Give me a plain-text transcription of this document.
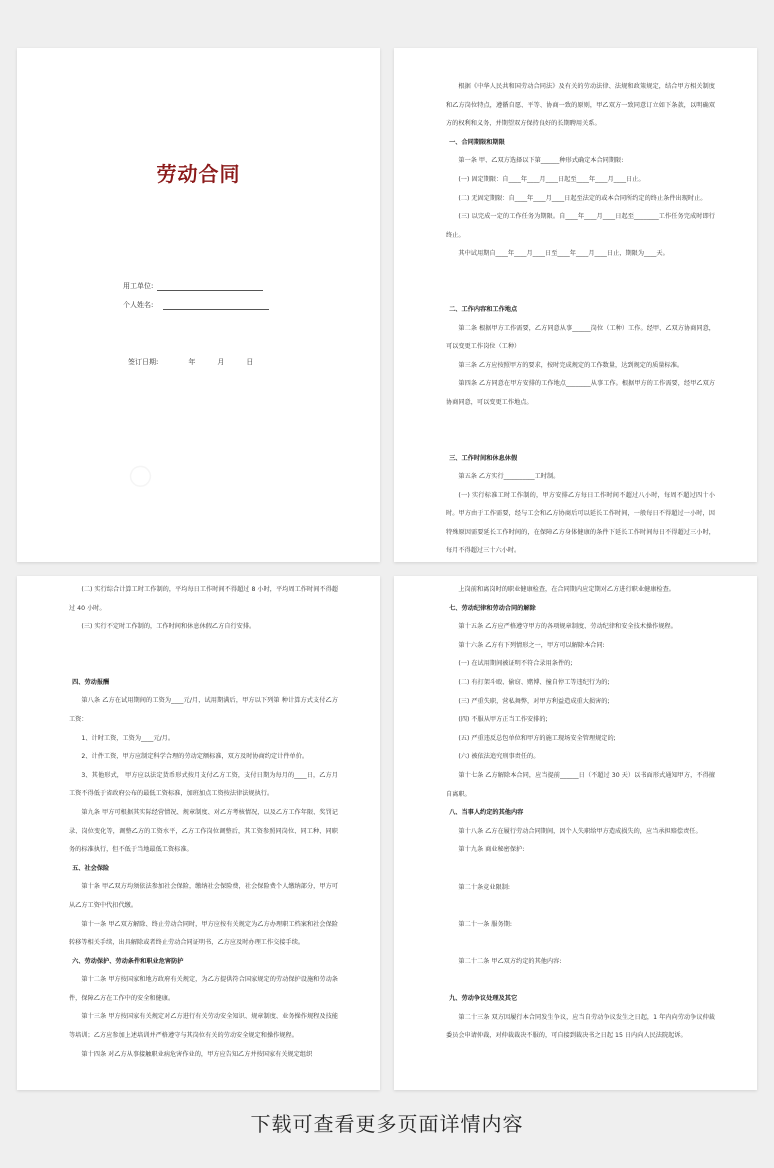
劳动合同
用工单位:
个人姓名:
签订日期:	年	月	日

根据《中华人民共和国劳动合同法》及有关的劳动法律、法规和政策规定，结合甲方相关制度和乙方岗位特点，遵循自愿、平等、协商一致的原则，甲乙双方一致同意订立如下条款，以明确双方的权利和义务，并期望双方保持良好的长期聘用关系。

一、合同期限和期限

第一条 甲、乙双方选择以下第______种形式确定本合同期限:

(一) 固定期限：自____年____月____日起至____年____月____日止。

(二) 无固定期限：自____年____月____日起至法定的或本合同所约定的终止条件出现时止。

(三) 以完成一定的工作任务为期限。自____年____月____日起至________工作任务完成时即行终止。

其中试用期自____年____月____日至____年____月____日止，期限为____天。

二、工作内容和工作地点

第二条 根据甲方工作需要，乙方同意从事______岗位（工种）工作。经甲、乙双方协商同意，可以变更工作岗位（工种）

第三条 乙方应按照甲方的要求，按时完成规定的工作数量，达到规定的质量标准。

第四条 乙方同意在甲方安排的工作地点________从事工作。根据甲方的工作需要，经甲乙双方协商同意，可以变更工作地点。

三、工作时间和休息休假

第五条 乙方实行__________工时制。

(一) 实行标准工时工作制的，甲方安排乙方每日工作时间不超过八小时，每周不超过四十小时。甲方由于工作需要，经与工会和乙方协商后可以延长工作时间，一般每日不得超过一小时，因特殊原因需要延长工作时间的，在保障乙方身体健康的条件下延长工作时间每日不得超过三小时，每月不得超过三十六小时。

(二) 实行综合计算工时工作制的，平均每日工作时间不得超过 8 小时，平均周工作时间不得超过 40 小时。

(三) 实行不定时工作制的，工作时间和休息休假乙方自行安排。

四、劳动报酬

第八条 乙方在试用期间的工资为____元/月，试用期满后，甲方以下列第 种计算方式支付乙方工资：

1、计时工资，工资为____元/月。

2、计件工资，甲方应制定科学合理的劳动定额标准，双方及时协商约定计件单价。

3、其他形式， 甲方应以法定货币形式按月支付乙方工资，支付日期为每月的____日，乙方月工资不得低于省政府公布的最低工资标准，加班加点工资按法律法规执行。

第九条 甲方可根据其实际经营情况、规章制度、对乙方考核情况，以及乙方工作年限、奖罚记录、岗位变化等，调整乙方的工资水平，乙方工作岗位调整后，其工资参照同岗位、同工种、同职务的标准执行，但不低于当地最低工资标准。

五、社会保险

第十条 甲乙双方均须依法参加社会保险，缴纳社会保险费，社会保险费个人缴纳部分，甲方可从乙方工资中代扣代缴。

第十一条 甲乙双方解除、终止劳动合同时，甲方应按有关规定为乙方办理职工档案和社会保险转移等相关手续，出具解除或者终止劳动合同证明书，乙方应及时办理工作交接手续。

六、劳动保护、劳动条件和职业危害防护

第十二条 甲方按国家和地方政府有关规定，为乙方提供符合国家规定的劳动保护设施和劳动条件，保障乙方在工作中的安全和健康。

第十三条 甲方按国家有关规定对乙方进行有关劳动安全知识、规章制度、业务操作规程及技能等培训；乙方应参加上述培训并严格遵守与其岗位有关的劳动安全规定和操作规程。

第十四条 对乙方从事接触职业病危害作业的，甲方应告知乙方并按国家有关规定组织

上岗前和离岗时的职业健康检查，在合同期内应定期对乙方进行职业健康检查。

七、劳动纪律和劳动合同的解除

第十五条 乙方应严格遵守甲方的各项规章制度、劳动纪律和安全技术操作规程。

第十六条 乙方有下列情形之一，甲方可以解除本合同:

(一) 在试用期间被证明不符合录用条件的;

(二) 有打架斗殴、偷窃、赌博、撞自停工等违纪行为的;

(三) 严重失职，营私舞弊，对甲方利益造成重大损害的;

(四) 不服从甲方正当工作安排的;

(五) 严重违反总包单位和甲方的施工现场安全管理规定的;

(六) 被依法追究刑事责任的。

第十七条 乙方解除本合同，应当提前______日（不超过 30 天）以书面形式通知甲方，不得擅自离职。

八、当事人约定的其他内容

第十八条 乙方在履行劳动合同期间，因个人失职给甲方造成损失的，应当承担赔偿责任。

第十九条 商业秘密保护:

第二十条竞业限制:

第二十一条 服务期:

第二十二条 甲乙双方约定的其他内容:

九、劳动争议处理及其它

第二十三条 双方因履行本合同发生争议，应当自劳动争议发生之日起，1 年内向劳动争议仲裁委员会申请仲裁，对仲裁裁决不服的，可自接到裁决书之日起 15 日内向人民法院起诉。

下载可查看更多页面详情内容
